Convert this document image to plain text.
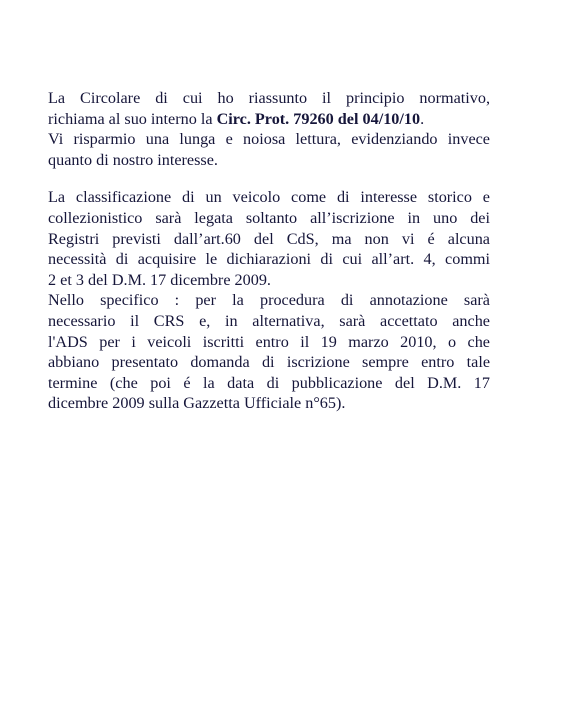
La Circolare di cui ho riassunto il principio normativo,
richiama al suo interno la Circ. Prot. 79260 del 04/10/10.
Vi risparmio una lunga e noiosa lettura, evidenziando invece
quanto di nostro interesse.
La classificazione di un veicolo come di interesse storico e
collezionistico sarà legata soltanto all’iscrizione in uno dei
Registri previsti dall’art.60 del CdS, ma non vi é alcuna
necessità di acquisire le dichiarazioni di cui all’art. 4, commi
2 et 3 del D.M. 17 dicembre 2009.
Nello specifico : per la procedura di annotazione sarà
necessario il CRS e, in alternativa, sarà accettato anche
l'ADS per i veicoli iscritti entro il 19 marzo 2010, o che
abbiano presentato domanda di iscrizione sempre entro tale
termine (che poi é la data di pubblicazione del D.M. 17
dicembre 2009 sulla Gazzetta Ufficiale n°65).
